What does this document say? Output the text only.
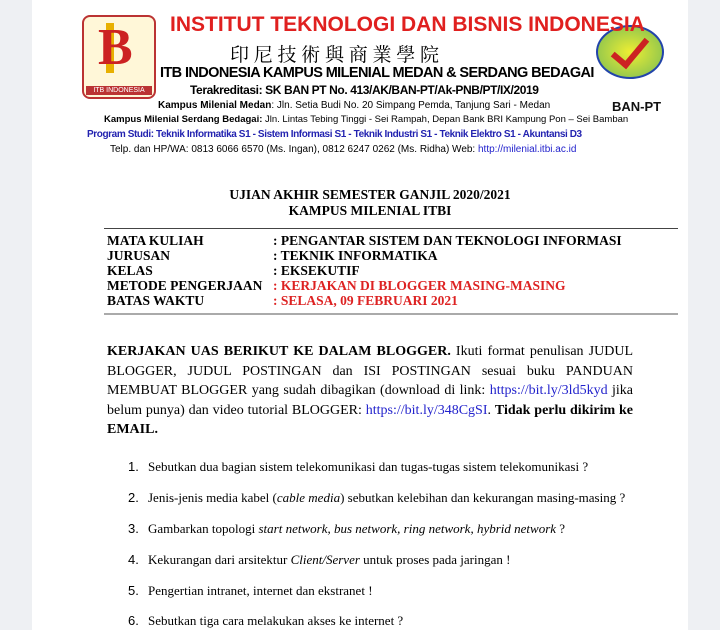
B
ITB INDONESIA
BAN-PT
INSTITUT TEKNOLOGI DAN BISNIS INDONESIA
印 尼 技 術 與 商 業 學 院
ITB INDONESIA KAMPUS MILENIAL MEDAN & SERDANG BEDAGAI
Terakreditasi: SK BAN PT No. 413/AK/BAN-PT/Ak-PNB/PT/IX/2019
Kampus Milenial Medan: Jln. Setia Budi No. 20 Simpang Pemda, Tanjung Sari - Medan
Kampus Milenial Serdang Bedagai: Jln. Lintas Tebing Tinggi - Sei Rampah, Depan Bank BRI Kampung Pon – Sei Bamban
Program Studi: Teknik Informatika S1 - Sistem Informasi S1 - Teknik Industri S1 - Teknik Elektro S1 - Akuntansi D3
Telp. dan HP/WA: 0813 6066 6570 (Ms. Ingan), 0812 6247 0262 (Ms. Ridha) Web: http://milenial.itbi.ac.id
UJIAN AKHIR SEMESTER GANJIL 2020/2021
KAMPUS MILENIAL ITBI
MATA KULIAH	: PENGANTAR SISTEM DAN TEKNOLOGI INFORMASI
JURUSAN	: TEKNIK INFORMATIKA
KELAS	: EKSEKUTIF
METODE PENGERJAAN	: KERJAKAN DI BLOGGER MASING-MASING
BATAS WAKTU	: SELASA, 09 FEBRUARI 2021
KERJAKAN UAS BERIKUT KE DALAM BLOGGER. Ikuti format penulisan JUDUL BLOGGER, JUDUL POSTINGAN dan ISI POSTINGAN sesuai buku PANDUAN MEMBUAT BLOGGER yang sudah dibagikan (download di link: https://bit.ly/3ld5kyd jika belum punya) dan video tutorial BLOGGER: https://bit.ly/348CgSI. Tidak perlu dikirim ke EMAIL.
1. Sebutkan dua bagian sistem telekomunikasi dan tugas-tugas sistem telekomunikasi ?
2. Jenis-jenis media kabel (cable media) sebutkan kelebihan dan kekurangan masing-masing ?
3. Gambarkan topologi start network, bus network, ring network, hybrid network ?
4. Kekurangan dari arsitektur Client/Server untuk proses pada jaringan !
5. Pengertian intranet, internet dan ekstranet !
6. Sebutkan tiga cara melakukan akses ke internet ?
